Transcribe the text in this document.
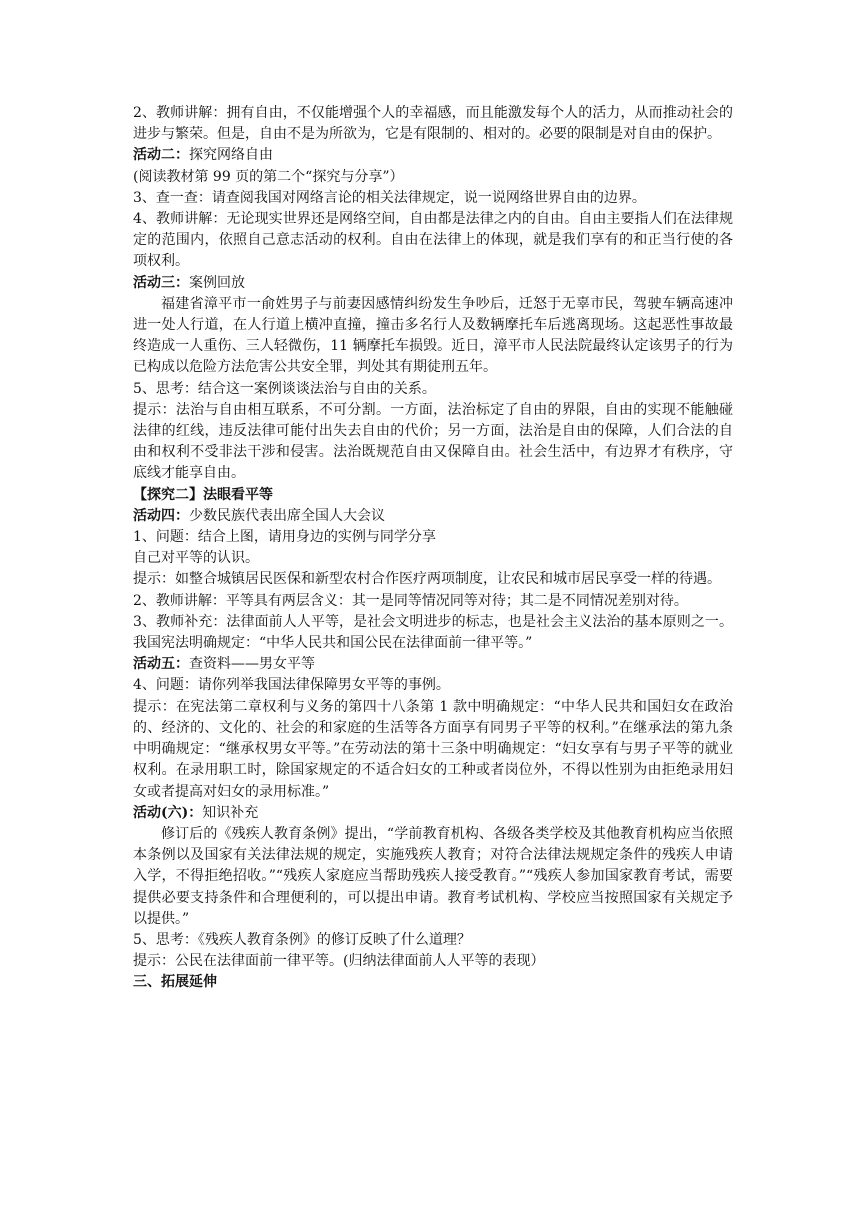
2、教师讲解：拥有自由，不仅能增强个人的幸福感，而且能激发每个人的活力，从而推动社会的进步与繁荣。但是，自由不是为所欲为，它是有限制的、相对的。必要的限制是对自由的保护。

活动二：探究网络自由

(阅读教材第 99 页的第二个“探究与分享”）

3、查一查：请查阅我国对网络言论的相关法律规定，说一说网络世界自由的边界。

4、教师讲解：无论现实世界还是网络空间，自由都是法律之内的自由。自由主要指人们在法律规定的范围内，依照自己意志活动的权利。自由在法律上的体现，就是我们享有的和正当行使的各项权利。

活动三：案例回放

福建省漳平市一俞姓男子与前妻因感情纠纷发生争吵后，迁怒于无辜市民，驾驶车辆高速冲进一处人行道，在人行道上横冲直撞，撞击多名行人及数辆摩托车后逃离现场。这起恶性事故最终造成一人重伤、三人轻微伤，11 辆摩托车损毁。近日，漳平市人民法院最终认定该男子的行为已构成以危险方法危害公共安全罪，判处其有期徒刑五年。

5、思考：结合这一案例谈谈法治与自由的关系。

提示：法治与自由相互联系，不可分割。一方面，法治标定了自由的界限，自由的实现不能触碰法律的红线，违反法律可能付出失去自由的代价；另一方面，法治是自由的保障，人们合法的自由和权利不受非法干涉和侵害。法治既规范自由又保障自由。社会生活中，有边界才有秩序，守底线才能享自由。

【探究二】法眼看平等

活动四：少数民族代表出席全国人大会议

1、问题：结合上图，请用身边的实例与同学分享

自己对平等的认识。

提示：如整合城镇居民医保和新型农村合作医疗两项制度，让农民和城市居民享受一样的待遇。

2、教师讲解：平等具有两层含义：其一是同等情况同等对待；其二是不同情况差别对待。

3、教师补充：法律面前人人平等，是社会文明进步的标志，也是社会主义法治的基本原则之一。我国宪法明确规定：“中华人民共和国公民在法律面前一律平等。”

活动五：查资料——男女平等

4、问题：请你列举我国法律保障男女平等的事例。

提示：在宪法第二章权利与义务的第四十八条第 1 款中明确规定：“中华人民共和国妇女在政治的、经济的、文化的、社会的和家庭的生活等各方面享有同男子平等的权利。”在继承法的第九条中明确规定：“继承权男女平等。”在劳动法的第十三条中明确规定：“妇女享有与男子平等的就业权利。在录用职工时，除国家规定的不适合妇女的工种或者岗位外，不得以性别为由拒绝录用妇女或者提高对妇女的录用标准。”

活动(六)：知识补充

修订后的《残疾人教育条例》提出，“学前教育机构、各级各类学校及其他教育机构应当依照本条例以及国家有关法律法规的规定，实施残疾人教育；对符合法律法规规定条件的残疾人申请入学，不得拒绝招收。”“残疾人家庭应当帮助残疾人接受教育。”“残疾人参加国家教育考试，需要提供必要支持条件和合理便利的，可以提出申请。教育考试机构、学校应当按照国家有关规定予以提供。”

5、思考：《残疾人教育条例》的修订反映了什么道理？

提示：公民在法律面前一律平等。(归纳法律面前人人平等的表现）

三、拓展延伸
